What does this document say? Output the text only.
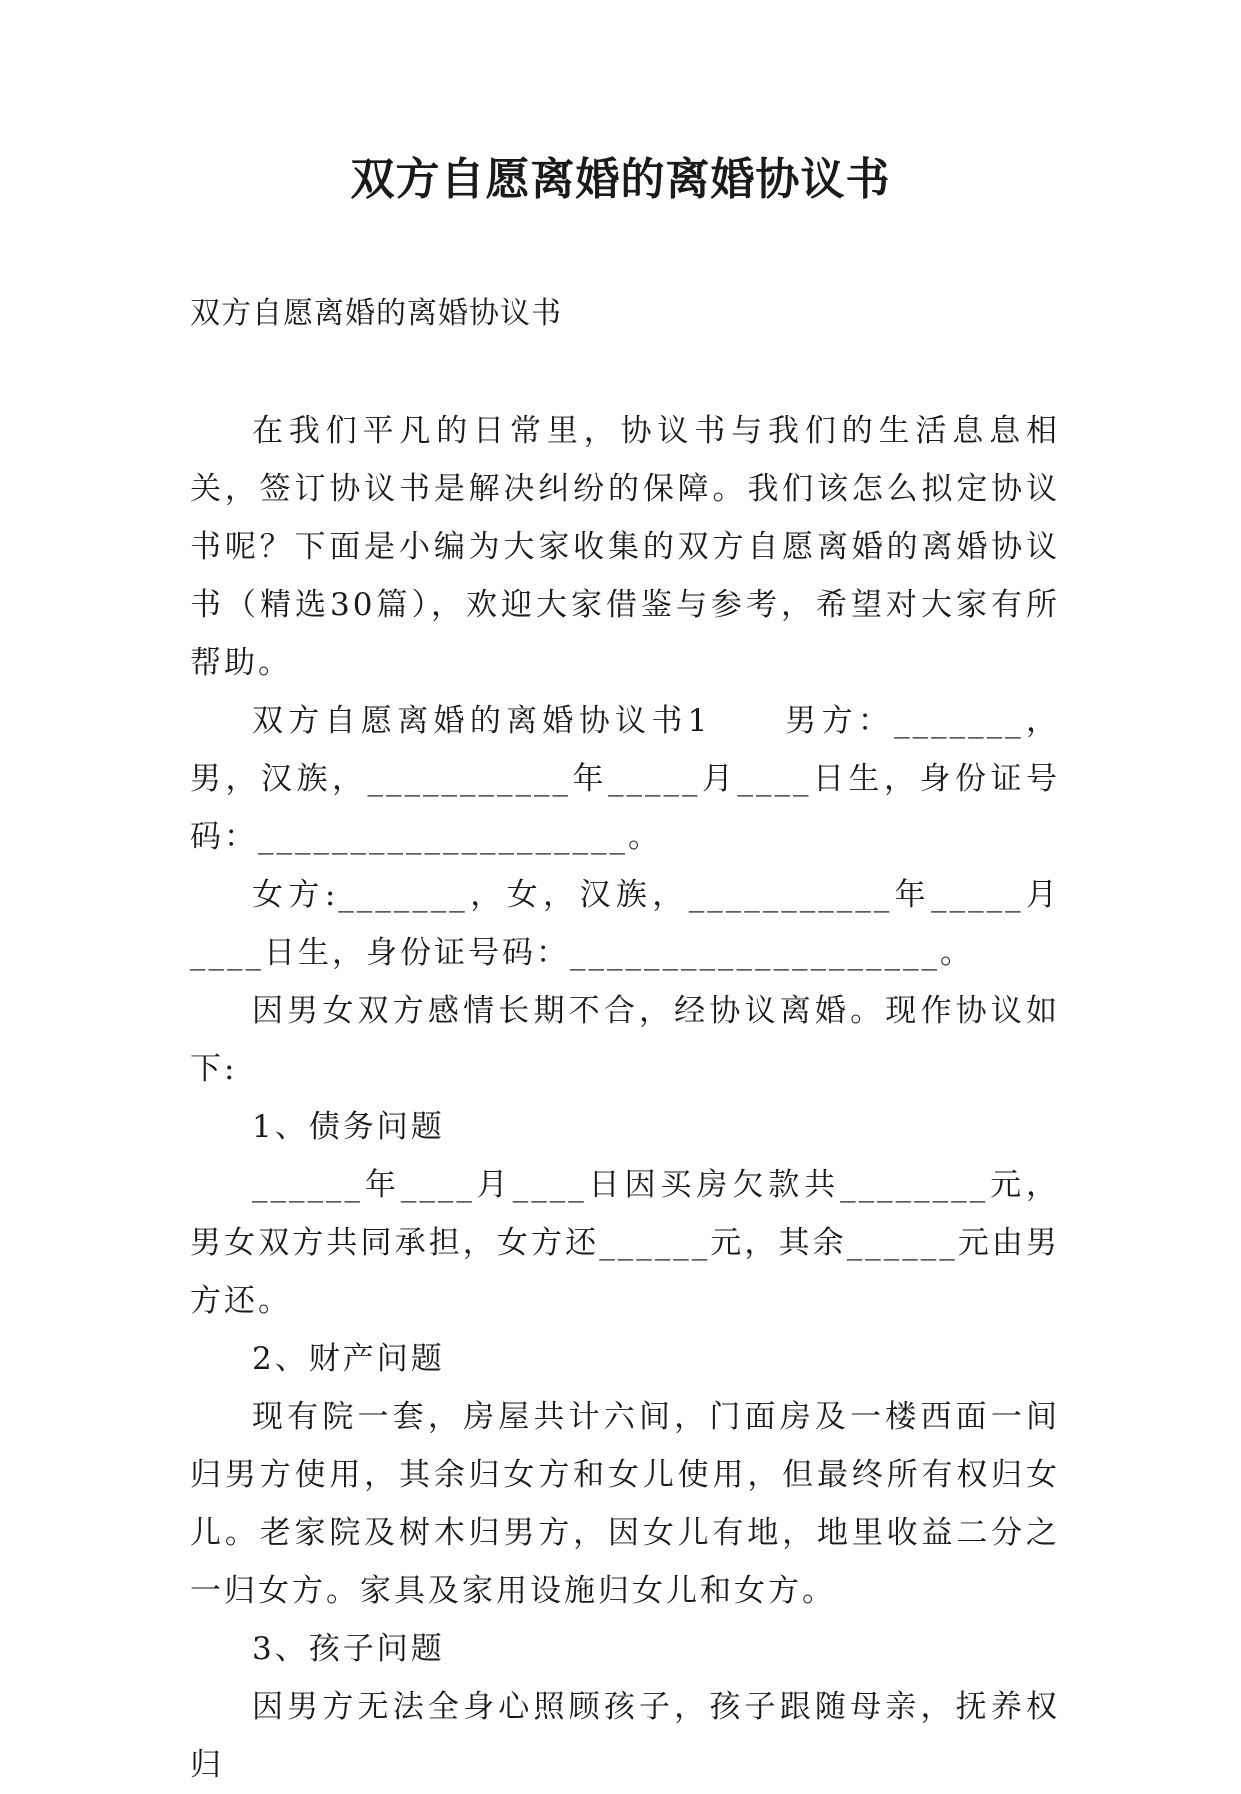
双方自愿离婚的离婚协议书
双方自愿离婚的离婚协议书

在我们平凡的日常里，协议书与我们的生活息息相关，签订协议书是解决纠纷的保障。我们该怎么拟定协议书呢？下面是小编为大家收集的双方自愿离婚的离婚协议书（精选30篇），欢迎大家借鉴与参考，希望对大家有所帮助。

双方自愿离婚的离婚协议书1　　男方：_______，男，汉族，___________年_____月____日生，身份证号码：____________________。

女方:_______，女，汉族，___________年_____月____日生，身份证号码：____________________。

因男女双方感情长期不合，经协议离婚。现作协议如下:

1、债务问题

______年____月____日因买房欠款共________元，男女双方共同承担，女方还______元，其余______元由男方还。

2、财产问题

现有院一套，房屋共计六间，门面房及一楼西面一间归男方使用，其余归女方和女儿使用，但最终所有权归女儿。老家院及树木归男方，因女儿有地，地里收益二分之一归女方。家具及家用设施归女儿和女方。

3、孩子问题

因男方无法全身心照顾孩子，孩子跟随母亲，抚养权归
